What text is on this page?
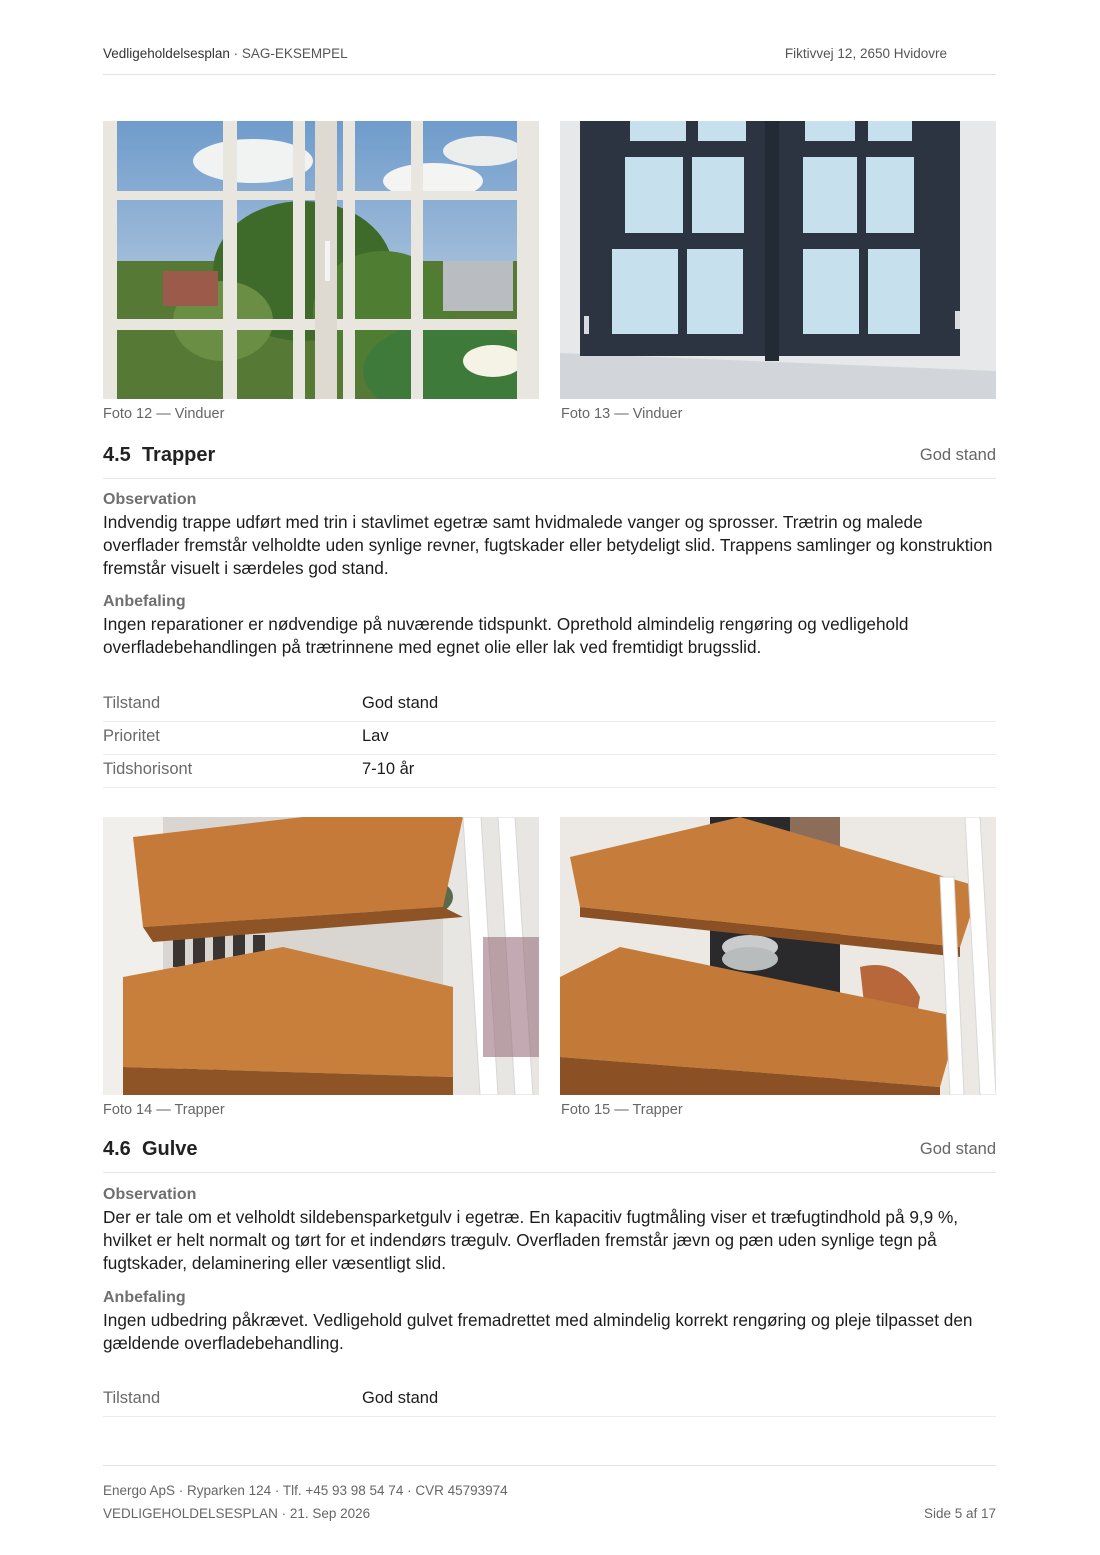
Vedligeholdelsesplan · SAG-EKSEMPEL	Fiktivvej 12, 2650 Hvidovre
Foto 12 — Vinduer	Foto 13 — Vinduer
4.5 Trapper	God stand
Observation
Indvendig trappe udført med trin i stavlimet egetræ samt hvidmalede vanger og sprosser. Trætrin og malede overflader fremstår velholdte uden synlige revner, fugtskader eller betydeligt slid. Trappens samlinger og konstruktion fremstår visuelt i særdeles god stand.
Anbefaling
Ingen reparationer er nødvendige på nuværende tidspunkt. Oprethold almindelig rengøring og vedligehold overfladebehandlingen på trætrinnene med egnet olie eller lak ved fremtidigt brugsslid.
Tilstand	God stand
Prioritet	Lav
Tidshorisont	7-10 år
Foto 14 — Trapper	Foto 15 — Trapper
4.6 Gulve	God stand
Observation
Der er tale om et velholdt sildebensparketgulv i egetræ. En kapacitiv fugtmåling viser et træfugtindhold på 9,9 %, hvilket er helt normalt og tørt for et indendørs trægulv. Overfladen fremstår jævn og pæn uden synlige tegn på fugtskader, delaminering eller væsentligt slid.
Anbefaling
Ingen udbedring påkrævet. Vedligehold gulvet fremadrettet med almindelig korrekt rengøring og pleje tilpasset den gældende overfladebehandling.
Tilstand	God stand
Energo ApS · Ryparken 124 · Tlf. +45 93 98 54 74 · CVR 45793974
VEDLIGEHOLDELSESPLAN · 21. Sep 2026	Side 5 af 17
